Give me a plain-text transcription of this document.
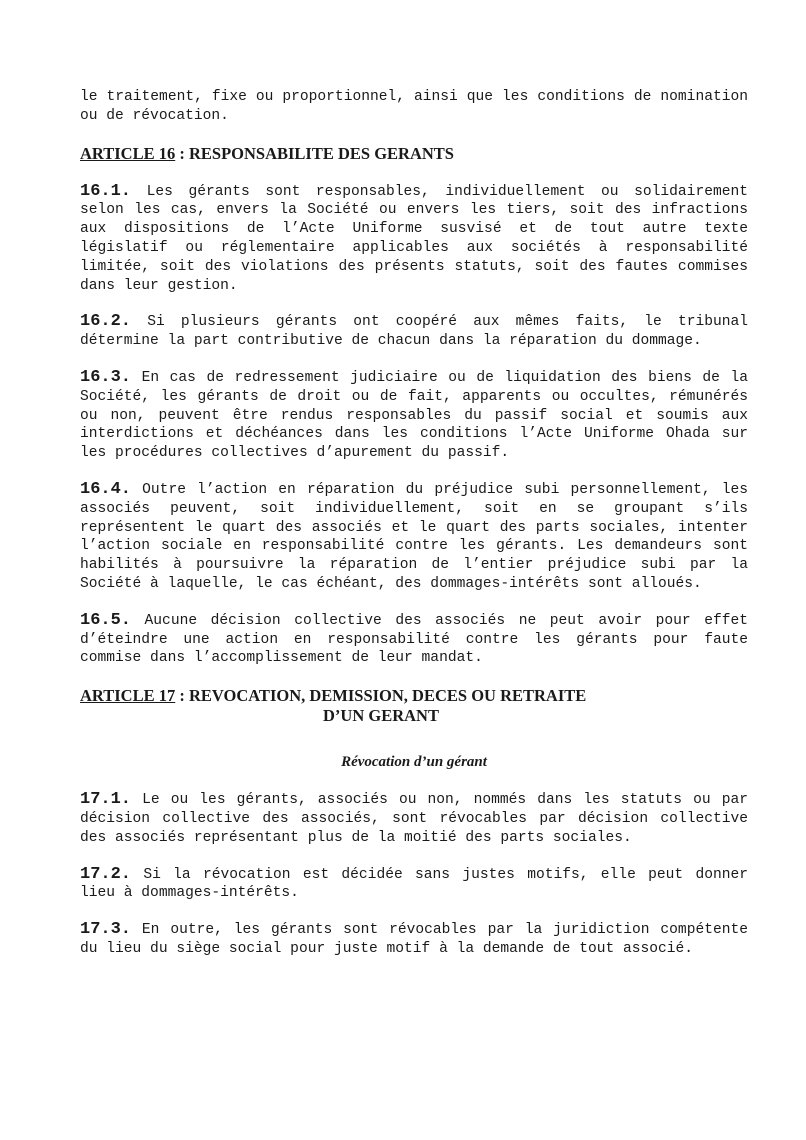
le traitement, fixe ou proportionnel, ainsi que les conditions de nomination ou de révocation.

ARTICLE 16 : RESPONSABILITE DES GERANTS

16.1. Les gérants sont responsables, individuellement ou solidairement selon les cas, envers la Société ou envers les tiers, soit des infractions aux dispositions de l’Acte Uniforme susvisé et de tout autre texte législatif ou réglementaire applicables aux sociétés à responsabilité limitée, soit des violations des présents statuts, soit des fautes commises dans leur gestion.

16.2. Si plusieurs gérants ont coopéré aux mêmes faits, le tribunal détermine la part contributive de chacun dans la réparation du dommage.

16.3. En cas de redressement judiciaire ou de liquidation des biens de la Société, les gérants de droit ou de fait, apparents ou occultes, rémunérés ou non, peuvent être rendus responsables du passif social et soumis aux interdictions et déchéances dans les conditions l’Acte Uniforme Ohada sur les procédures collectives d’apurement du passif.

16.4. Outre l’action en réparation du préjudice subi personnellement, les associés peuvent, soit individuellement, soit en se groupant s’ils représentent le quart des associés et le quart des parts sociales, intenter l’action sociale en responsabilité contre les gérants. Les demandeurs sont habilités à poursuivre la réparation de l’entier préjudice subi par la Société à laquelle, le cas échéant, des dommages-intérêts sont alloués.

16.5. Aucune décision collective des associés ne peut avoir pour effet d’éteindre une action en responsabilité contre les gérants pour faute commise dans l’accomplissement de leur mandat.

ARTICLE 17 : REVOCATION, DEMISSION, DECES OU RETRAITE
D’UN GERANT
Révocation d’un gérant

17.1. Le ou les gérants, associés ou non, nommés dans les statuts ou par décision collective des associés, sont révocables par décision collective des associés représentant plus de la moitié des parts sociales.

17.2. Si la révocation est décidée sans justes motifs, elle peut donner lieu à dommages-intérêts.

17.3. En outre, les gérants sont révocables par la juridiction compétente du lieu du siège social pour juste motif à la demande de tout associé.
